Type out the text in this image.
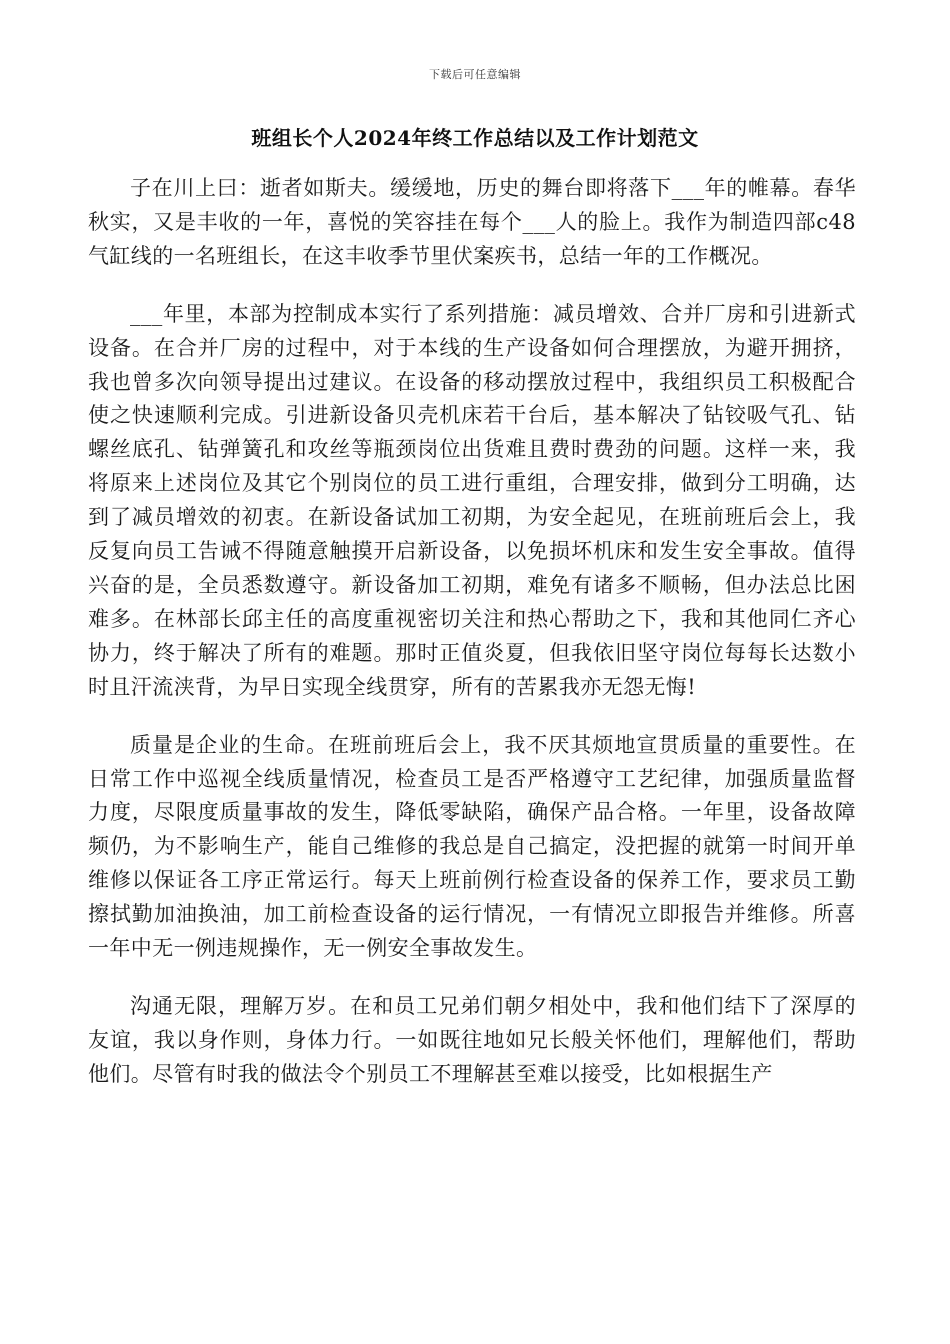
下载后可任意编辑
班组长个人2024年终工作总结以及工作计划范文

子在川上曰：逝者如斯夫。缓缓地，历史的舞台即将落下___年的帷幕。春华秋实，又是丰收的一年，喜悦的笑容挂在每个___人的脸上。我作为制造四部c48气缸线的一名班组长，在这丰收季节里伏案疾书，总结一年的工作概况。

___年里，本部为控制成本实行了系列措施：减员增效、合并厂房和引进新式设备。在合并厂房的过程中，对于本线的生产设备如何合理摆放，为避开拥挤，我也曾多次向领导提出过建议。在设备的移动摆放过程中，我组织员工积极配合使之快速顺利完成。引进新设备贝壳机床若干台后，基本解决了钻铰吸气孔、钻螺丝底孔、钻弹簧孔和攻丝等瓶颈岗位出货难且费时费劲的问题。这样一来，我将原来上述岗位及其它个别岗位的员工进行重组，合理安排，做到分工明确，达到了减员增效的初衷。在新设备试加工初期，为安全起见，在班前班后会上，我反复向员工告诫不得随意触摸开启新设备，以免损坏机床和发生安全事故。值得兴奋的是，全员悉数遵守。新设备加工初期，难免有诸多不顺畅，但办法总比困难多。在林部长邱主任的高度重视密切关注和热心帮助之下，我和其他同仁齐心协力，终于解决了所有的难题。那时正值炎夏，但我依旧坚守岗位每每长达数小时且汗流浃背，为早日实现全线贯穿，所有的苦累我亦无怨无悔!

质量是企业的生命。在班前班后会上，我不厌其烦地宣贯质量的重要性。在日常工作中巡视全线质量情况，检查员工是否严格遵守工艺纪律，加强质量监督力度，尽限度质量事故的发生，降低零缺陷，确保产品合格。一年里，设备故障频仍，为不影响生产，能自己维修的我总是自己搞定，没把握的就第一时间开单维修以保证各工序正常运行。每天上班前例行检查设备的保养工作，要求员工勤擦拭勤加油换油，加工前检查设备的运行情况，一有情况立即报告并维修。所喜一年中无一例违规操作，无一例安全事故发生。

沟通无限，理解万岁。在和员工兄弟们朝夕相处中，我和他们结下了深厚的友谊，我以身作则，身体力行。一如既往地如兄长般关怀他们，理解他们，帮助他们。尽管有时我的做法令个别员工不理解甚至难以接受，比如根据生产
